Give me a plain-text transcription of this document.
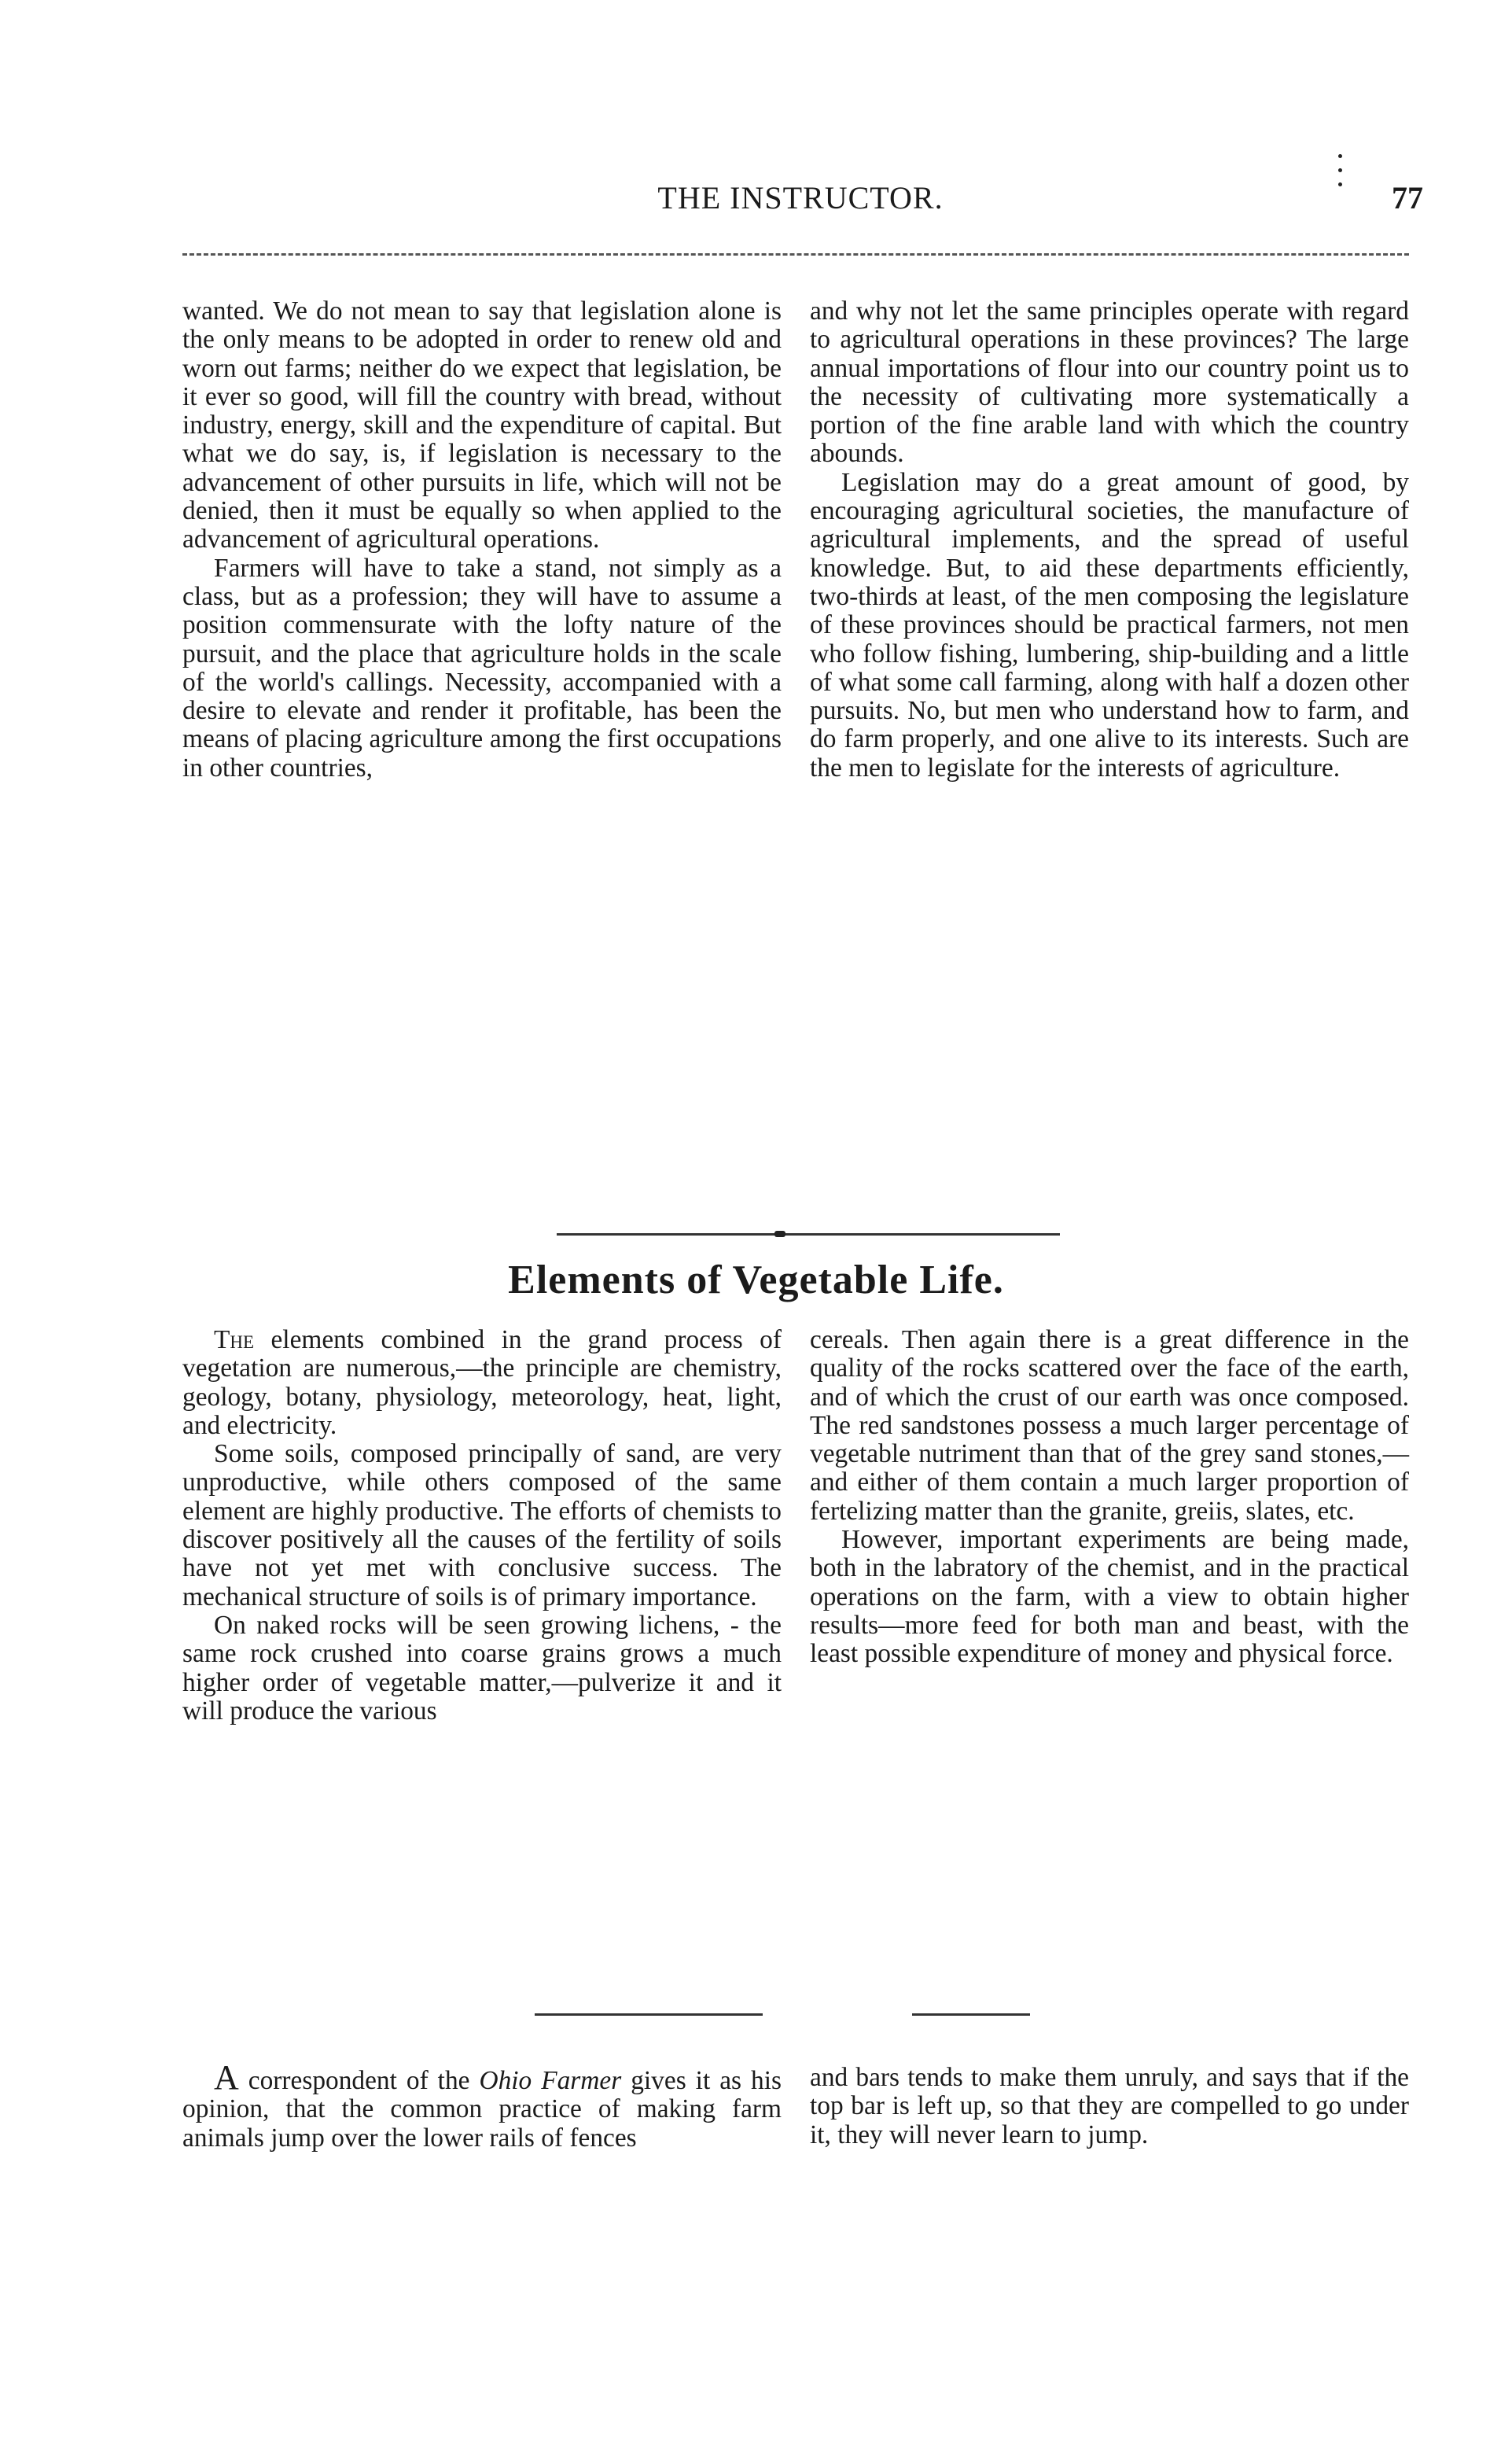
THE INSTRUCTOR.	77

wanted. We do not mean to say that legislation alone is the only means to be adopted in order to renew old and worn out farms; neither do we expect that legislation, be it ever so good, will fill the country with bread, without industry, energy, skill and the expenditure of capital. But what we do say, is, if legislation is necessary to the advancement of other pursuits in life, which will not be denied, then it must be equally so when applied to the advancement of agricultural operations.

Farmers will have to take a stand, not simply as a class, but as a profession; they will have to assume a position commensurate with the lofty nature of the pursuit, and the place that agriculture holds in the scale of the world's callings. Necessity, accompanied with a desire to elevate and render it profitable, has been the means of placing agriculture among the first occupations in other countries,

and why not let the same principles operate with regard to agricultural operations in these provinces? The large annual importations of flour into our country point us to the necessity of cultivating more systematically a portion of the fine arable land with which the country abounds.

Legislation may do a great amount of good, by encouraging agricultural societies, the manufacture of agricultural implements, and the spread of useful knowledge. But, to aid these departments efficiently, two-thirds at least, of the men composing the legislature of these provinces should be practical farmers, not men who follow fishing, lumbering, ship-building and a little of what some call farming, along with half a dozen other pursuits. No, but men who understand how to farm, and do farm properly, and one alive to its interests. Such are the men to legislate for the interests of agriculture.

Elements of Vegetable Life.

The elements combined in the grand process of vegetation are numerous,—the principle are chemistry, geology, botany, physiology, meteorology, heat, light, and electricity.

Some soils, composed principally of sand, are very unproductive, while others composed of the same element are highly productive. The efforts of chemists to discover positively all the causes of the fertility of soils have not yet met with conclusive success. The mechanical structure of soils is of primary importance.

On naked rocks will be seen growing lichens, - the same rock crushed into coarse grains grows a much higher order of vegetable matter,—pulverize it and it will produce the various

cereals. Then again there is a great difference in the quality of the rocks scattered over the face of the earth, and of which the crust of our earth was once composed. The red sandstones possess a much larger percentage of vegetable nutriment than that of the grey sand stones,—and either of them contain a much larger proportion of fertelizing matter than the granite, greiis, slates, etc.

However, important experiments are being made, both in the labratory of the chemist, and in the practical operations on the farm, with a view to obtain higher results—more feed for both man and beast, with the least possible expenditure of money and physical force.

A correspondent of the Ohio Farmer gives it as his opinion, that the common practice of making farm animals jump over the lower rails of fences

and bars tends to make them unruly, and says that if the top bar is left up, so that they are compelled to go under it, they will never learn to jump.
